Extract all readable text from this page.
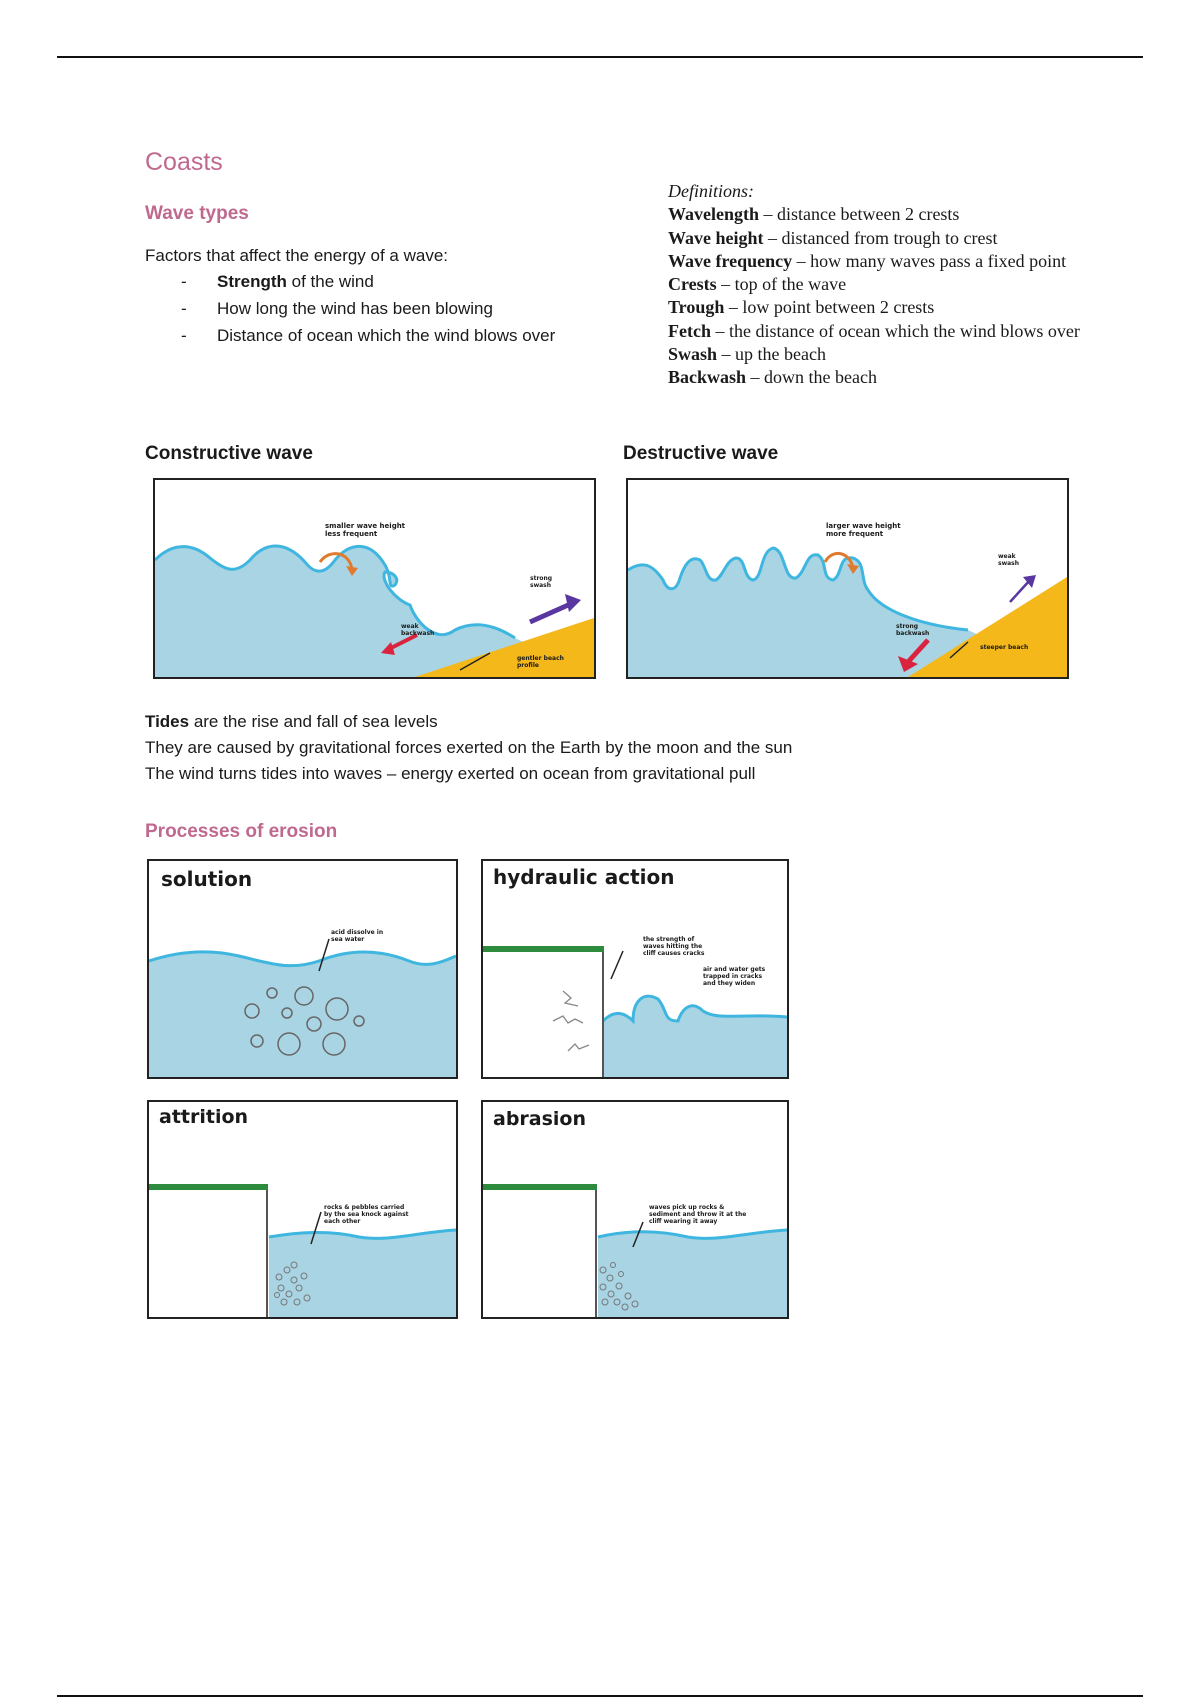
Coasts
Wave types
Factors that affect the energy of a wave:
- Strength of the wind
- How long the wind has been blowing
- Distance of ocean which the wind blows over
Definitions:
Wavelength – distance between 2 crests
Wave height – distanced from trough to crest
Wave frequency – how many waves pass a fixed point
Crests – top of the wave
Trough – low point between 2 crests
Fetch – the distance of ocean which the wind blows over
Swash – up the beach
Backwash – down the beach
Constructive wave	Destructive wave
smaller wave height less frequent
strong swash
weak backwash
gentler beach profile
larger wave height more frequent
weak swash
strong backwash
steeper beach
Tides are the rise and fall of sea levels
They are caused by gravitational forces exerted on the Earth by the moon and the sun
The wind turns tides into waves – energy exerted on ocean from gravitational pull
Processes of erosion
solution
acid dissolve in sea water
hydraulic action
the strength of waves hitting the cliff causes cracks
air and water gets trapped in cracks and they widen
attrition
rocks & pebbles carried by the sea knock against each other
abrasion
waves pick up rocks & sediment and throw it at the cliff wearing it away
